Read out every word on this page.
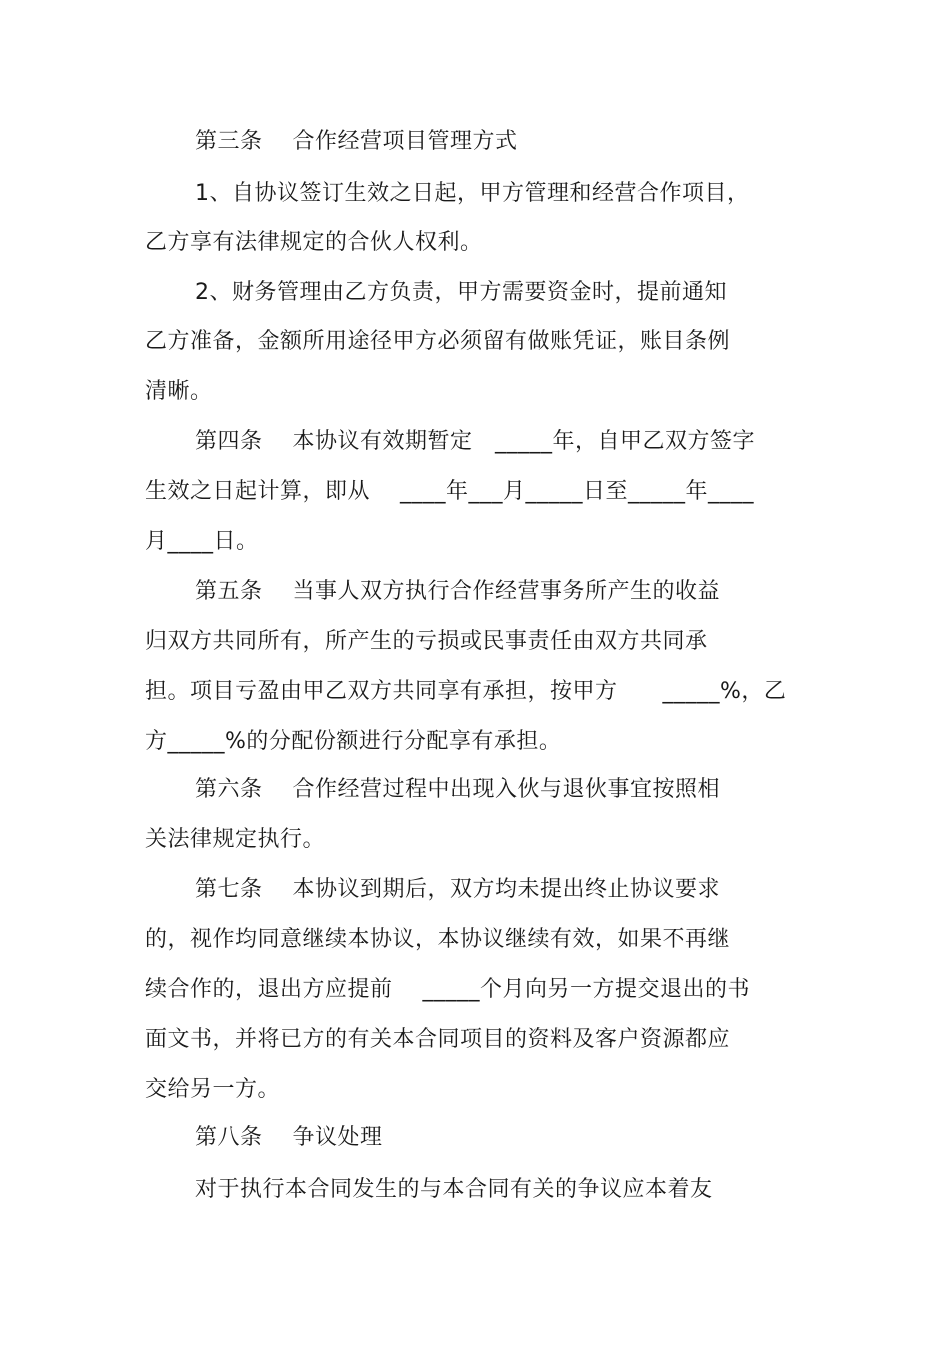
第三条　 合作经营项目管理方式
1、自协议签订生效之日起，甲方管理和经营合作项目，
乙方享有法律规定的合伙人权利。
2、财务管理由乙方负责，甲方需要资金时，提前通知
乙方准备，金额所用途径甲方必须留有做账凭证，账目条例
清晰。
第四条　 本协议有效期暂定　_____年，自甲乙双方签字
生效之日起计算，即从　 ____年___月_____日至_____年____
月____日。
第五条　 当事人双方执行合作经营事务所产生的收益
归双方共同所有，所产生的亏损或民事责任由双方共同承
担。项目亏盈由甲乙双方共同享有承担，按甲方　　_____%，乙
方_____%的分配份额进行分配享有承担。
第六条　 合作经营过程中出现入伙与退伙事宜按照相
关法律规定执行。
第七条　 本协议到期后，双方均未提出终止协议要求
的，视作均同意继续本协议，本协议继续有效，如果不再继
续合作的，退出方应提前　 _____个月向另一方提交退出的书
面文书，并将已方的有关本合同项目的资料及客户资源都应
交给另一方。
第八条　 争议处理
对于执行本合同发生的与本合同有关的争议应本着友
